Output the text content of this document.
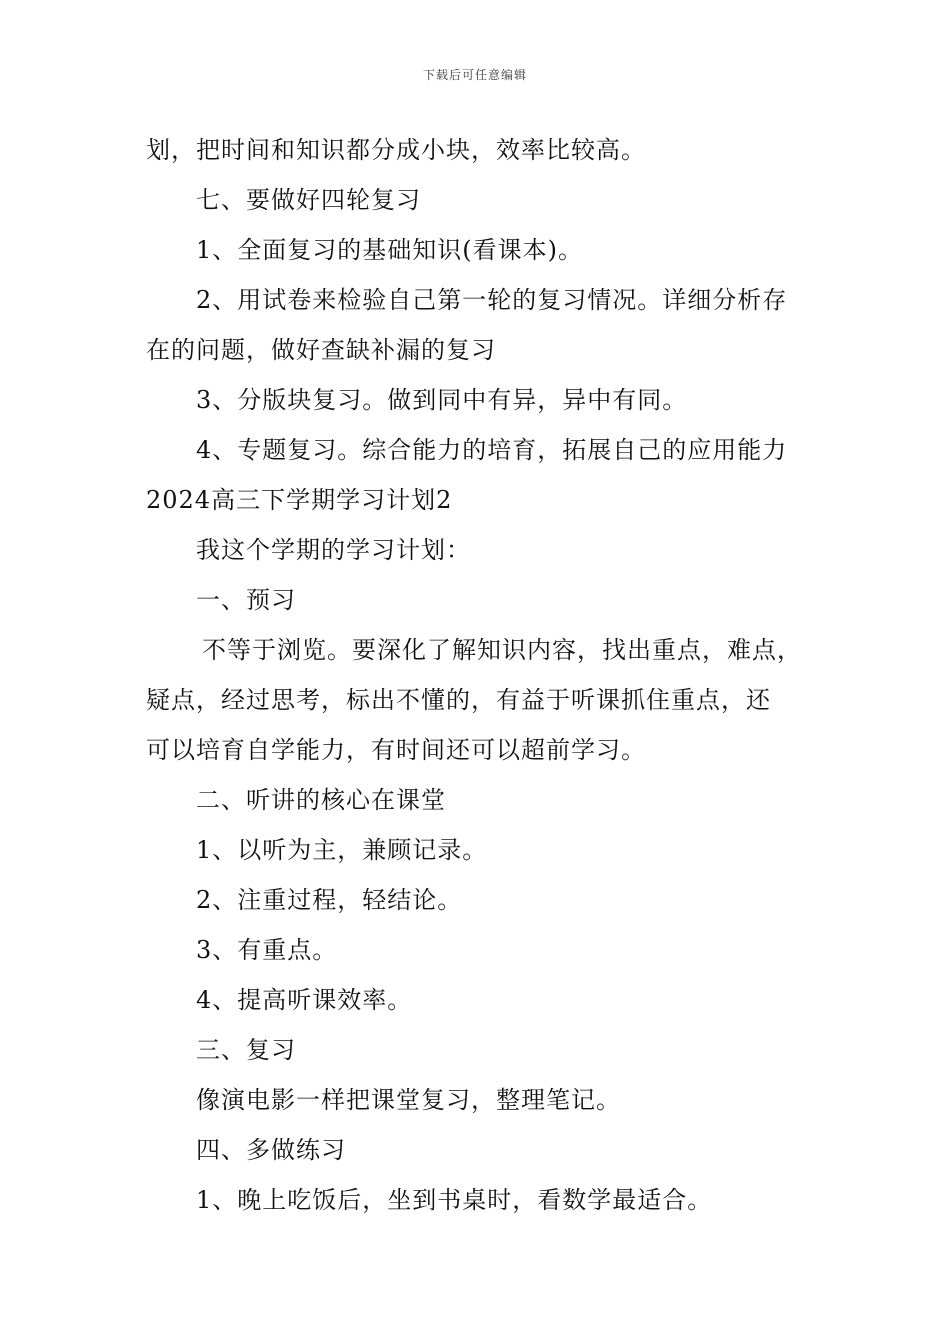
下载后可任意编辑
划，把时间和知识都分成小块，效率比较高。
七、要做好四轮复习
1、全面复习的基础知识(看课本)。
2、用试卷来检验自己第一轮的复习情况。详细分析存
在的问题，做好查缺补漏的复习
3、分版块复习。做到同中有异，异中有同。
4、专题复习。综合能力的培育，拓展自己的应用能力
2024高三下学期学习计划2
我这个学期的学习计划：
一、预习
不等于浏览。要深化了解知识内容，找出重点，难点，
疑点，经过思考，标出不懂的，有益于听课抓住重点，还
可以培育自学能力，有时间还可以超前学习。
二、听讲的核心在课堂
1、以听为主，兼顾记录。
2、注重过程，轻结论。
3、有重点。
4、提高听课效率。
三、复习
像演电影一样把课堂复习，整理笔记。
四、多做练习
1、晚上吃饭后，坐到书桌时，看数学最适合。
